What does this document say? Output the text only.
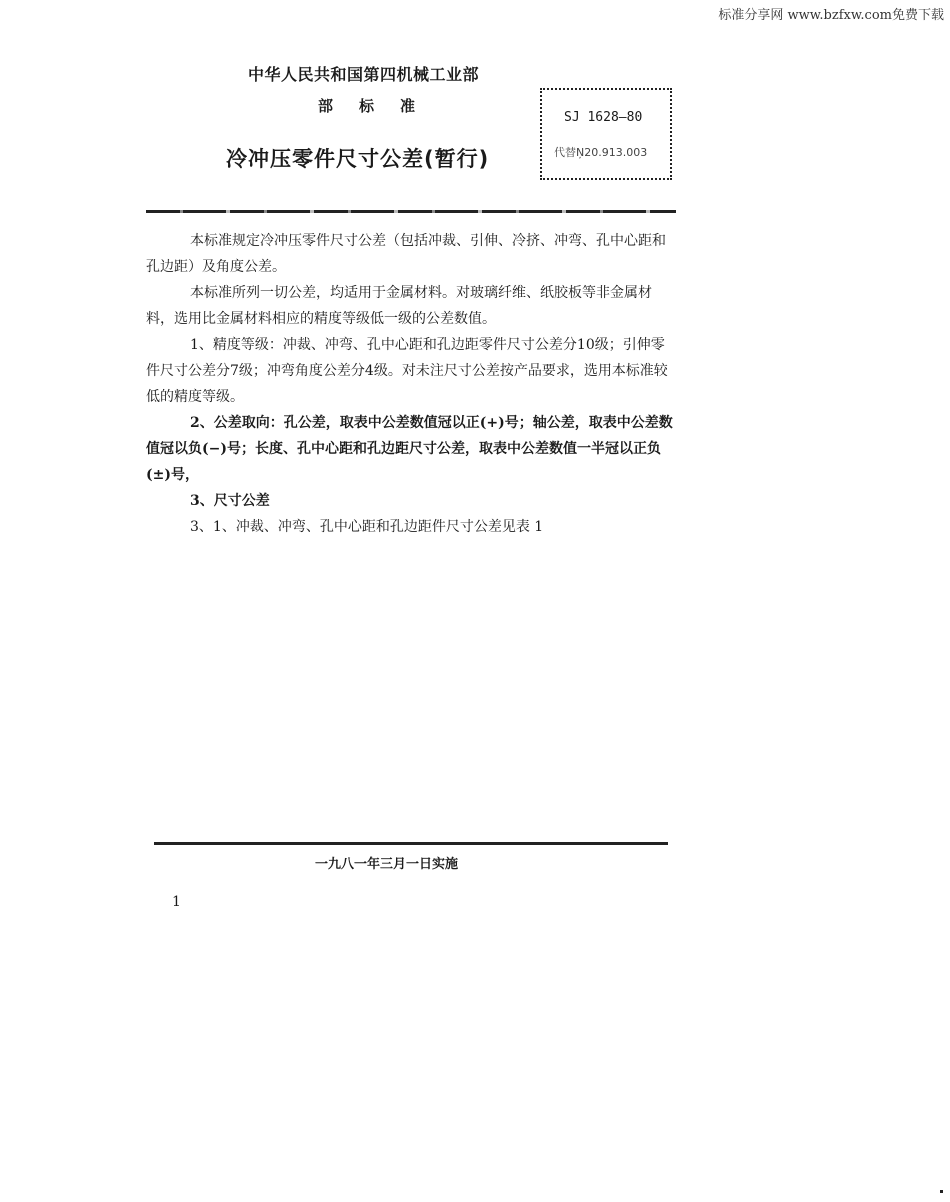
标准分享网 www.bzfxw.com免费下载
中华人民共和国第四机械工业部
部标准
冷冲压零件尺寸公差(暂行)
SJ 1628—80
代替Ņ20.913.003

本标准规定冷冲压零件尺寸公差（包括冲裁、引伸、冷挤、冲弯、孔中心距和孔边距）及角度公差。

本标准所列一切公差，均适用于金属材料。对玻璃纤维、纸胶板等非金属材料，选用比金属材料相应的精度等级低一级的公差数值。

1、精度等级：冲裁、冲弯、孔中心距和孔边距零件尺寸公差分10级；引伸零件尺寸公差分7级；冲弯角度公差分4级。对未注尺寸公差按产品要求，选用本标准较低的精度等级。

2、公差取向：孔公差，取表中公差数值冠以正(+)号；轴公差，取表中公差数值冠以负(−)号；长度、孔中心距和孔边距尺寸公差，取表中公差数值一半冠以正负(±)号，

3、尺寸公差

3、1、冲裁、冲弯、孔中心距和孔边距件尺寸公差见表 1

一九八一年三月一日实施
1
